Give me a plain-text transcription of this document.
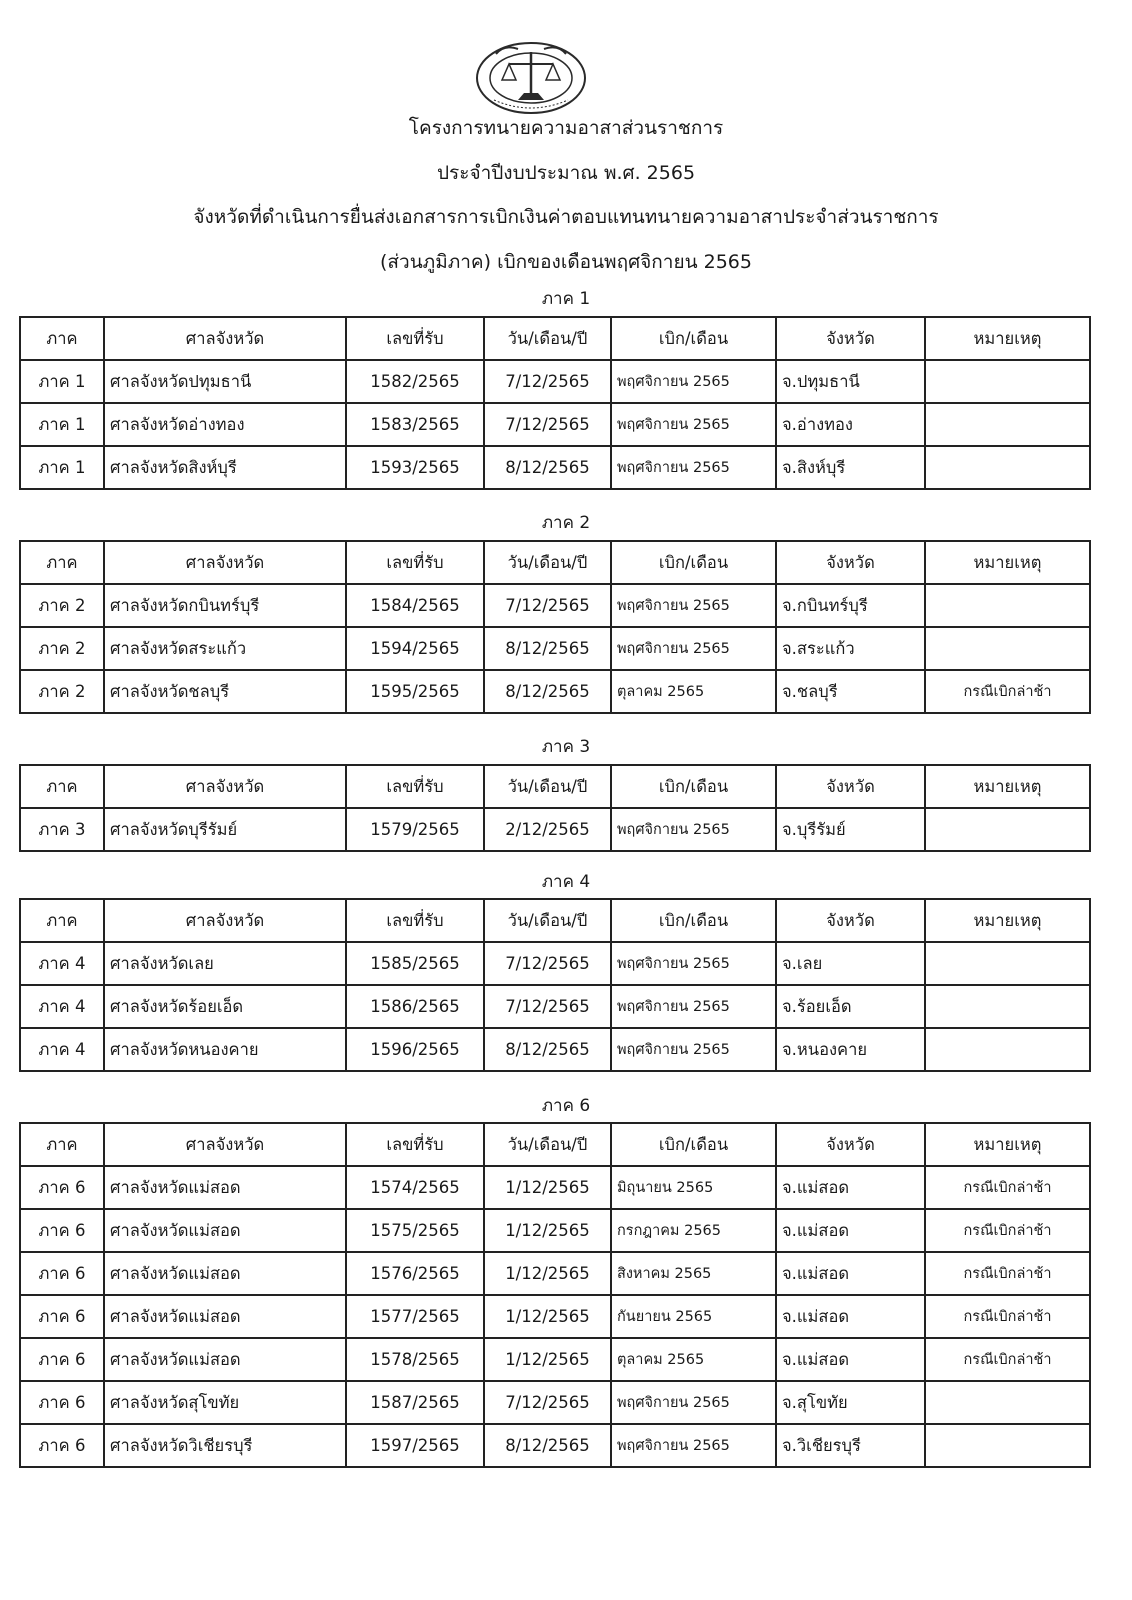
โครงการทนายความอาสาส่วนราชการ
ประจำปีงบประมาณ พ.ศ. 2565
จังหวัดที่ดำเนินการยื่นส่งเอกสารการเบิกเงินค่าตอบแทนทนายความอาสาประจำส่วนราชการ
(ส่วนภูมิภาค) เบิกของเดือนพฤศจิกายน 2565
ภาค 1
ภาค	ศาลจังหวัด	เลขที่รับ	วัน/เดือน/ปี	เบิก/เดือน	จังหวัด	หมายเหตุ
ภาค 1	ศาลจังหวัดปทุมธานี	1582/2565	7/12/2565	พฤศจิกายน 2565	จ.ปทุมธานี	
ภาค 1	ศาลจังหวัดอ่างทอง	1583/2565	7/12/2565	พฤศจิกายน 2565	จ.อ่างทอง	
ภาค 1	ศาลจังหวัดสิงห์บุรี	1593/2565	8/12/2565	พฤศจิกายน 2565	จ.สิงห์บุรี	
ภาค 2
ภาค	ศาลจังหวัด	เลขที่รับ	วัน/เดือน/ปี	เบิก/เดือน	จังหวัด	หมายเหตุ
ภาค 2	ศาลจังหวัดกบินทร์บุรี	1584/2565	7/12/2565	พฤศจิกายน 2565	จ.กบินทร์บุรี	
ภาค 2	ศาลจังหวัดสระแก้ว	1594/2565	8/12/2565	พฤศจิกายน 2565	จ.สระแก้ว	
ภาค 2	ศาลจังหวัดชลบุรี	1595/2565	8/12/2565	ตุลาคม 2565	จ.ชลบุรี	กรณีเบิกล่าช้า
ภาค 3
ภาค	ศาลจังหวัด	เลขที่รับ	วัน/เดือน/ปี	เบิก/เดือน	จังหวัด	หมายเหตุ
ภาค 3	ศาลจังหวัดบุรีรัมย์	1579/2565	2/12/2565	พฤศจิกายน 2565	จ.บุรีรัมย์	
ภาค 4
ภาค	ศาลจังหวัด	เลขที่รับ	วัน/เดือน/ปี	เบิก/เดือน	จังหวัด	หมายเหตุ
ภาค 4	ศาลจังหวัดเลย	1585/2565	7/12/2565	พฤศจิกายน 2565	จ.เลย	
ภาค 4	ศาลจังหวัดร้อยเอ็ด	1586/2565	7/12/2565	พฤศจิกายน 2565	จ.ร้อยเอ็ด	
ภาค 4	ศาลจังหวัดหนองคาย	1596/2565	8/12/2565	พฤศจิกายน 2565	จ.หนองคาย	
ภาค 6
ภาค	ศาลจังหวัด	เลขที่รับ	วัน/เดือน/ปี	เบิก/เดือน	จังหวัด	หมายเหตุ
ภาค 6	ศาลจังหวัดแม่สอด	1574/2565	1/12/2565	มิถุนายน 2565	จ.แม่สอด	กรณีเบิกล่าช้า
ภาค 6	ศาลจังหวัดแม่สอด	1575/2565	1/12/2565	กรกฎาคม 2565	จ.แม่สอด	กรณีเบิกล่าช้า
ภาค 6	ศาลจังหวัดแม่สอด	1576/2565	1/12/2565	สิงหาคม 2565	จ.แม่สอด	กรณีเบิกล่าช้า
ภาค 6	ศาลจังหวัดแม่สอด	1577/2565	1/12/2565	กันยายน 2565	จ.แม่สอด	กรณีเบิกล่าช้า
ภาค 6	ศาลจังหวัดแม่สอด	1578/2565	1/12/2565	ตุลาคม 2565	จ.แม่สอด	กรณีเบิกล่าช้า
ภาค 6	ศาลจังหวัดสุโขทัย	1587/2565	7/12/2565	พฤศจิกายน 2565	จ.สุโขทัย	
ภาค 6	ศาลจังหวัดวิเชียรบุรี	1597/2565	8/12/2565	พฤศจิกายน 2565	จ.วิเชียรบุรี	
